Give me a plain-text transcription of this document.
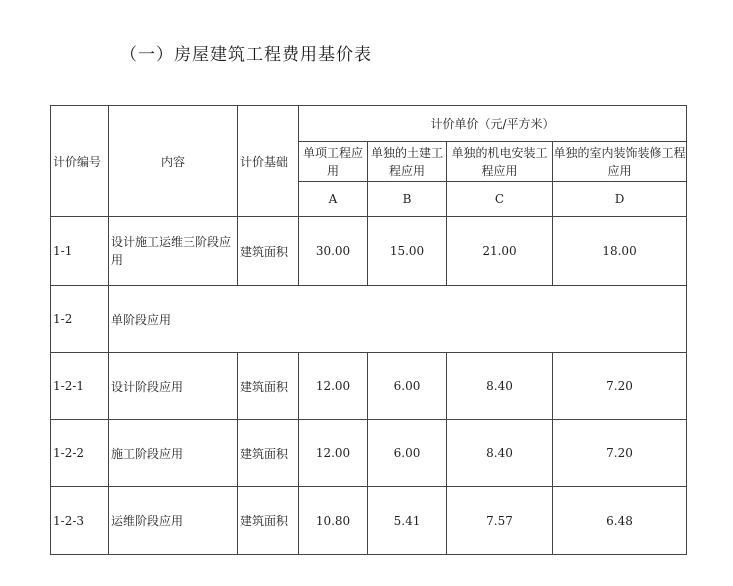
（一）房屋建筑工程费用基价表
计价编号	内容	计价基础	计价单价（元/平方米）			
			单项工程应用	单独的土建工程应用	单独的机电安装工程应用	单独的室内装饰装修工程应用
			A	B	C	D
1-1	设计施工运维三阶段应用	建筑面积	30.00	15.00	21.00	18.00
1-2	单阶段应用					
1-2-1	设计阶段应用	建筑面积	12.00	6.00	8.40	7.20
1-2-2	施工阶段应用	建筑面积	12.00	6.00	8.40	7.20
1-2-3	运维阶段应用	建筑面积	10.80	5.41	7.57	6.48
